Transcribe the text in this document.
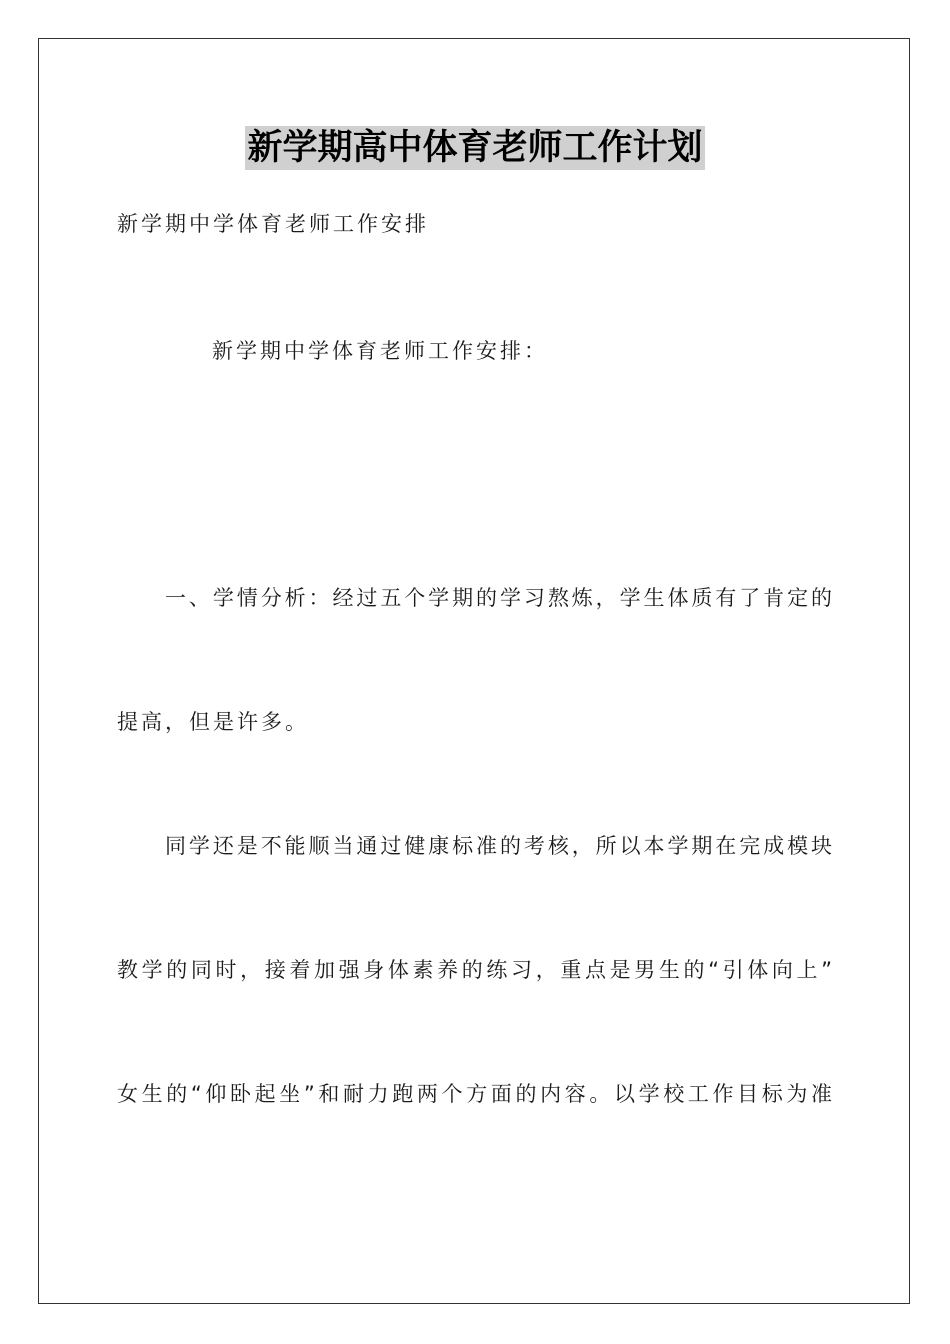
新学期高中体育老师工作计划
新学期中学体育老师工作安排
新学期中学体育老师工作安排：
一、学情分析：经过五个学期的学习熬炼，学生体质有了肯定的
提高，但是许多。
同学还是不能顺当通过健康标准的考核，所以本学期在完成模块
教学的同时，接着加强身体素养的练习，重点是男生的“引体向上”
女生的“仰卧起坐”和耐力跑两个方面的内容。以学校工作目标为准
